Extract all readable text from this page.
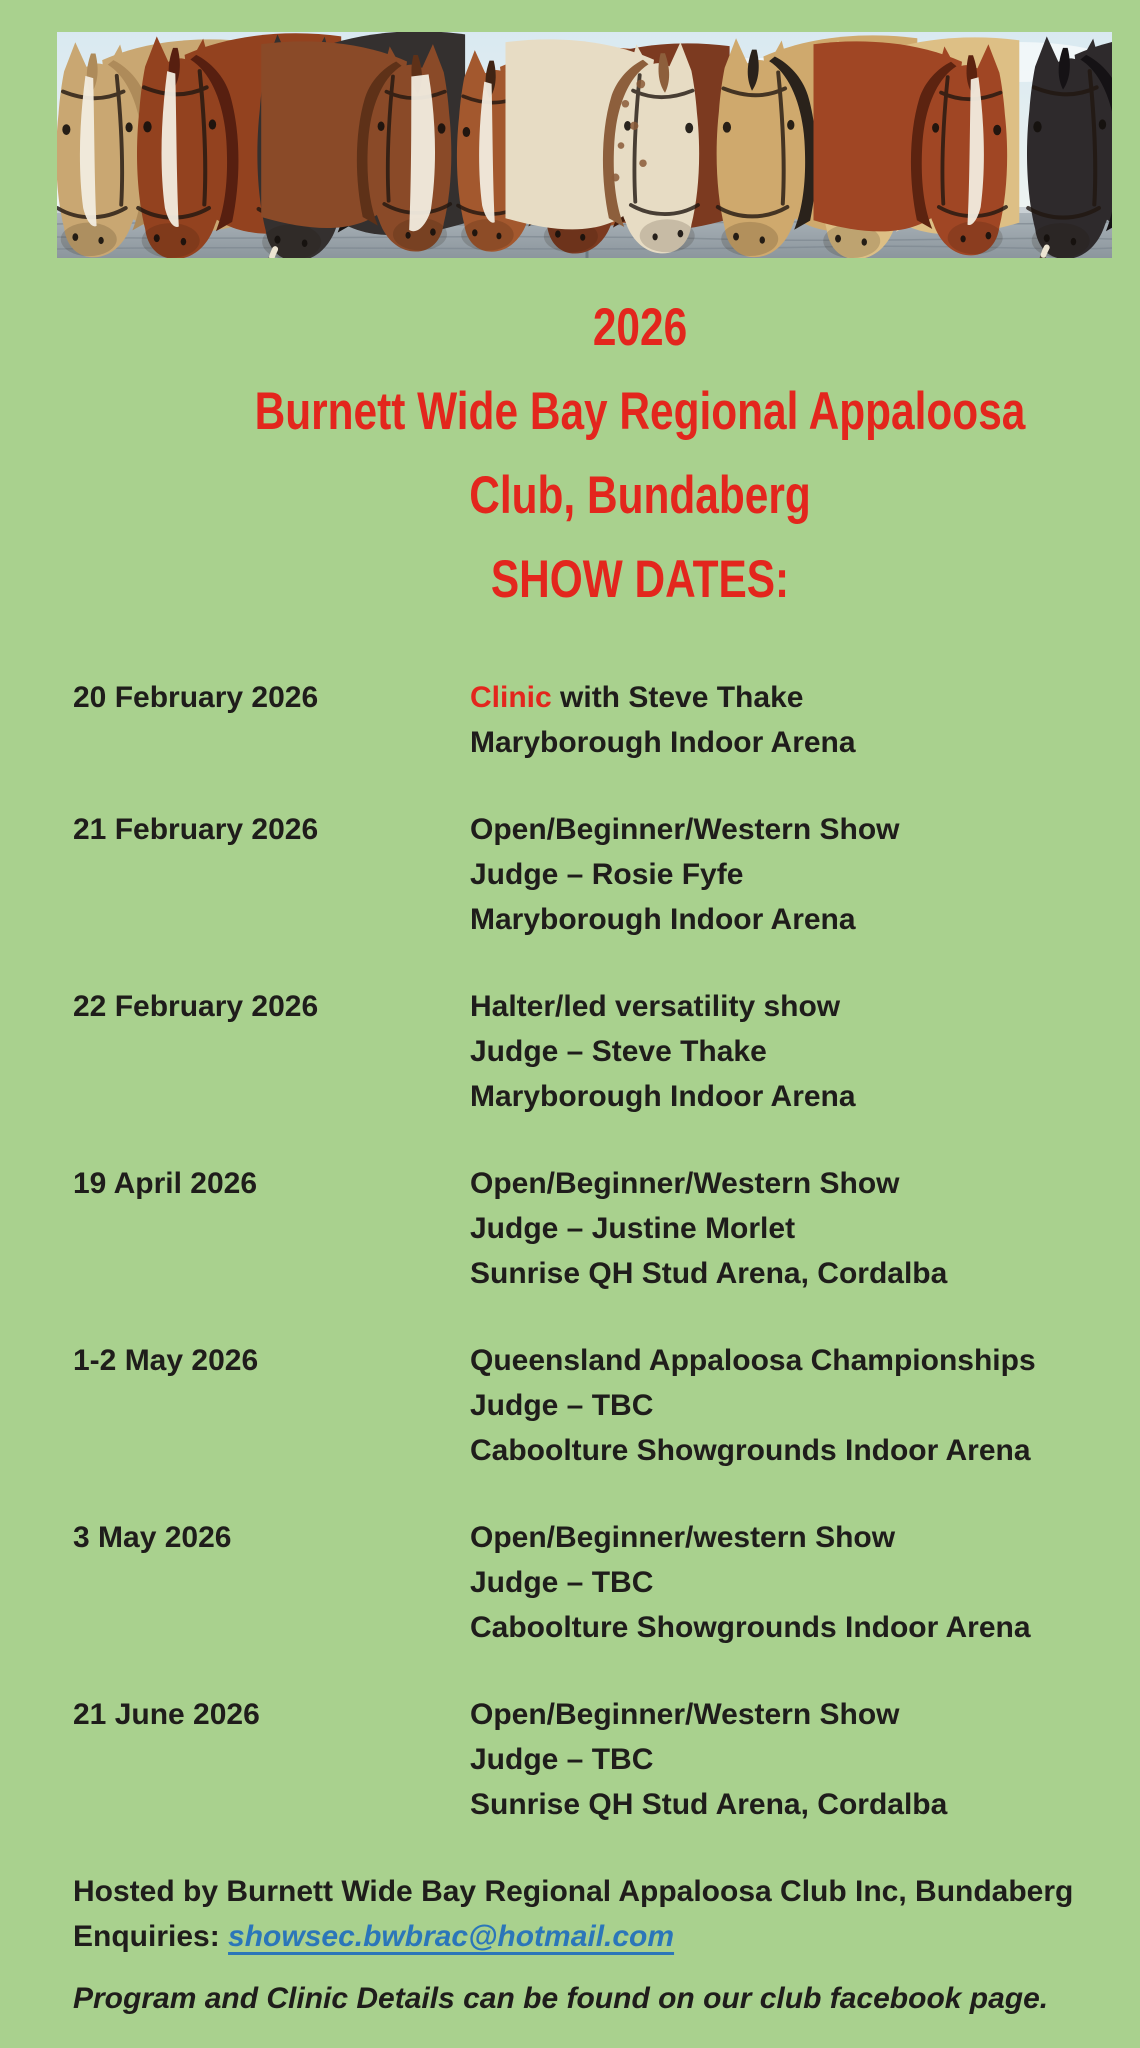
2026
Burnett Wide Bay Regional Appaloosa
Club, Bundaberg
SHOW DATES:
20 February 2026	Clinic with Steve Thake
Maryborough Indoor Arena
21 February 2026	Open/Beginner/Western Show
Judge – Rosie Fyfe
Maryborough Indoor Arena
22 February 2026	Halter/led versatility show
Judge – Steve Thake
Maryborough Indoor Arena
19 April 2026	Open/Beginner/Western Show
Judge – Justine Morlet
Sunrise QH Stud Arena, Cordalba
1-2 May 2026	Queensland Appaloosa Championships
Judge – TBC
Caboolture Showgrounds Indoor Arena
3 May 2026	Open/Beginner/western Show
Judge – TBC
Caboolture Showgrounds Indoor Arena
21 June 2026	Open/Beginner/Western Show
Judge – TBC
Sunrise QH Stud Arena, Cordalba
Hosted by Burnett Wide Bay Regional Appaloosa Club Inc, Bundaberg
Enquiries: showsec.bwbrac@hotmail.com
Program and Clinic Details can be found on our club facebook page.
